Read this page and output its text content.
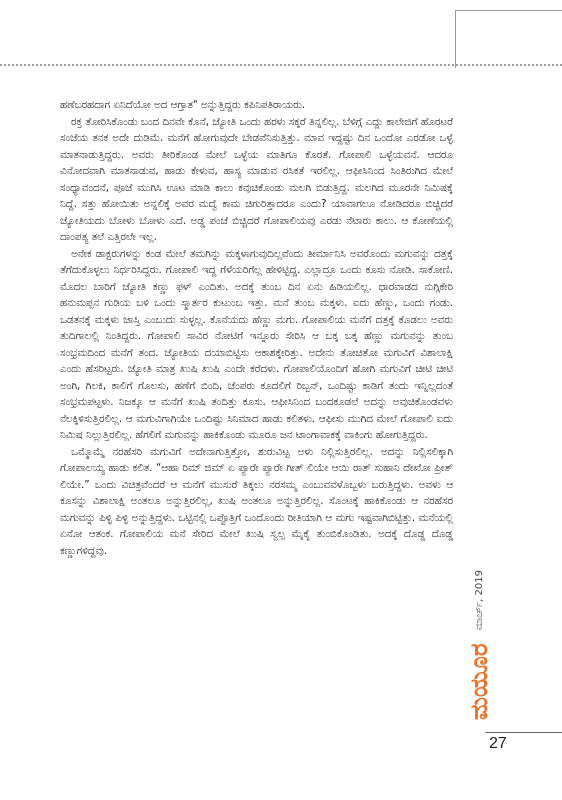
ಹಣೆಬರಹದಾಗ ಏನಿದೆಯೋ ಅದ ಆಗ್ತಾತ" ಅನ್ನುತ್ತಿದ್ದರು ಕಪಿನಿಪತಿರಾಯರು.

ರಕ್ತ ತೋರಿಸಿಕೊಂಡು ಬಂದ ದಿನವೇ ಕೊನೆ, ಜ್ಯೋತಿ ಒಂದು ಹರಳು ಸಕ್ಕರೆ ತಿನ್ನಲಿಲ್ಲ. ಬೆಳಿಗ್ಗೆ ಎದ್ದು ಕಾಲೇಜಿಗೆ ಹೊರಟರೆ ಸಂಜೆಯ ತನಕ ಅದೇ ದುಡಿಮೆ. ಮನೆಗೆ ಹೋಗುವುದೇ ಬೇಡವೆನಿಸುತ್ತಿತ್ತು. ಮಾವ ಇದ್ದಷ್ಟು ದಿನ ಒಂದೋ ಎರಡೋ ಒಳ್ಳೆ ಮಾತನಾಡುತ್ತಿದ್ದರು. ಅವರು ತೀರಿಕೊಂಡ ಮೇಲೆ ಒಳ್ಳೆಯ ಮಾತಿಗೂ ಕೊರತೆ. ಗೋಪಾಲಿ ಒಳ್ಳೆಯವನೆ. ಆದರೂ ವಿನೋದವಾಗಿ ಮಾತನಾಡುವ, ಹಾಡು ಕೇಳುವ, ಹಾಸ್ಯ ಮಾಡುವ ರಸಿಕತೆ ಇರಲಿಲ್ಲ. ಆಫೀಸಿನಿಂದ ಸಿಂತಿರುಗಿದ ಮೇಲೆ ಸಂಧ್ಯಾವಂದನೆ, ಪೂಜೆ ಮುಗಿಸಿ ಊಟ ಮಾಡಿ ಕಾಲು ಕವುಚಿಕೊಂಡು ಮಲಗಿ ಬಿಡುತ್ತಿದ್ದ. ಮಲಗಿದ ಮೂರನೇ ನಿಮಿಷಕ್ಕೆ ನಿದ್ದೆ. ಸತ್ತು ಹೋಯಿತು ಅನ್ನಲಿಕ್ಕೆ ಅವರ ಮದ್ವೆ ಕಾಮ ಚಿಗುರಿತ್ತಾದರೂ ಎಂದು? ಯಾವಾಗಲೂ ನೋಡಿದರೂ ಬಿಚ್ಚಿದರೆ ಜ್ಯೋತಿಯದು ಬೋಳು ಬೋಳು ಎದೆ. ಅಡ್ಡ ಪಂಚೆ ಬಿಚ್ಚಿದರೆ ಗೋಪಾಲಿಯವು ಎರಡು ನೆಟಾರು ಕಾಲು. ಆ ಕೋಣೆಯಲ್ಲಿ ದಾಂಪತ್ಯ ತಲೆ ಎತ್ತಿರಲೇ ಇಲ್ಲ.

ಅನೇಕ ಡಾಕ್ಟರುಗಳನ್ನು ಕಂಡ ಮೇಲೆ ತಮಗಿನ್ನು ಮಕ್ಕಳಾಗುವುದಿಲ್ಲವೆಂದು ತೀರ್ಮಾನಿಸಿ ಅವರೊಂದು ಮಗುವನ್ನು ದತ್ತಕ್ಕೆ ತೆಗೆದುಕೊಳ್ಳಲು ನಿರ್ಧರಿಸಿದ್ದರು. ಗೋಪಾಲಿ ಇದ್ದ ಗೆಳೆಯರಿಗೆಲ್ಲ ಹೇಳಿಟ್ಟಿದ್ದ. ಎಲ್ಲಾದ್ರೂ ಒಂದು ಕೂಸು ನೋಡಿ. ಸಾಕೋಣಿ. ಮೊದಲ ಬಾರಿಗೆ ಜ್ಯೋತಿ ಕಣ್ಣು ಫಳ್ ಎಂದಿತು. ಅದಕ್ಕೆ ತುಂಬ ದಿನ ಏನು ಹಿಡಿಯಲಿಲ್ಲ. ಧಾರವಾಡದ ನುಗ್ಗಿಕೇರಿ ಹನುಮಪ್ಪನ ಗುಡಿಯ ಬಳಿ ಒಂದು ಸ್ಮಾರ್ತರ ಕುಟುಂಬ ಇತ್ತು. ಮನೆ ತುಂಬ ಮಕ್ಕಳು. ಐದು ಹೆಣ್ಣು, ಒಂದು ಗಂಡು. ಒಡತನಕ್ಕೆ ಮಕ್ಕಳು ಜಾಸ್ತಿ ಎಂಬುದು ಸುಳ್ಳಲ್ಲ. ಕೊನೆಯದು ಹೆಣ್ಣು ಮಗು. ಗೋಪಾಲಿಯ ಮನೆಗೆ ದತ್ತಕ್ಕೆ ಕೊಡಲು ಅವರು ತುದಿಗಾಲಲ್ಲಿ ನಿಂತಿದ್ದರು. ಗೋಪಾಲಿ ಸಾವಿರ ನೋಟಿಗೆ ಇನ್ನೂರು ಸೇರಿಸಿ ಆ ಬಕ್ಕ ಬಕ್ಕ ಹೆಣ್ಣು ಮಗುವನ್ನು ತುಂಬ ಸಂಭ್ರಮದಿಂದ ಮನೆಗೆ ತಂದ. ಜ್ಯೋತಿಯ ದಯಾಬಿಟ್ಟಿಸು ಆಕಾಶಕ್ಕೇರಿತ್ತು. ಅದೇನು ತೋಚಿತೋ ಮಗುವಿಗೆ ವಿಶಾಲಾಕ್ಷಿ ಎಂದು ಹೆಸರಿಟ್ಟರು. ಜ್ಯೋತಿ ಮಾತ್ರ ಖುಷಿ ಖುಷಿ ಎಂದೇ ಕರೆದಳು. ಗೋಪಾಲಿಯೊಂದಿಗೆ ಹೋಗಿ ಮಗುವಿಗೆ ಚೀಟಿ ಚೀಟಿ ಅಂಗಿ, ಗಿಲಕಿ, ಕಾಲಿಗೆ ಗೊಲಸು, ಹಣೆಗೆ ಬಿಂದಿ, ಚೆಂಪರು ಕೂದಲಿಗೆ ರಿಬ್ಬನ್, ಒಂದಿಷ್ಟು ಕಾಡಿಗೆ ತಂದು ಇನ್ನಿಲ್ಲದಂತೆ ಸಂಭ್ರಮಪಟ್ಟಳು. ನಿಜಕ್ಕೂ ಆ ಮನೆಗೆ ಖುಷಿ ತಂದಿತ್ತು ಕೂಸು. ಆಫೀಸಿನಿಂದ ಬಂದಕೂಡಲೆ ಅದನ್ನು ಅವುಚಿಕೊಂಡವಳು ನೆಲಕ್ಕಿಳಿಸುತ್ತಿರಲಿಲ್ಲ. ಆ ಮಗುವಿಗಾಗಿಯೇ ಒಂದಿಷ್ಟು ಸಿನಿಮಾದ ಹಾಡು ಕಲಿತಳು. ಆಫೀಸು ಮುಗಿದ ಮೇಲೆ ಗೋಪಾಲಿ ಐದು ನಿಮಿಷ ನಿಲ್ಲುತ್ತಿರಲಿಲ್ಲ. ಹೆಗಲಿಗೆ ಮಗುವನ್ನು ಹಾಕಿಕೊಂಡು ಮೂರೂ ಜನ ಟಾಂಗಾವಾಕಕ್ಕೆ ವಾಕಿಂಗು ಹೋಗುತ್ತಿದ್ದರು.

ಒಮ್ಮೊಮ್ಮೆ ನರಹೆಸರಿ ಮಗುವಿಗೆ ಅದೇನಾಗುತ್ತಿತ್ತೋ, ಶುರುವಿಟ್ಟ ಅಳು ನಿಲ್ಲಿಸುತ್ತಿರಲಿಲ್ಲ. ಅದನ್ನು ನಿಲ್ಲಿಸಲಿಕ್ಕಾಗಿ ಗೋಪಾಲಯ್ಯ ಹಾಡು ಕಲಿತ. “ಆಹಾ ರಿಮ್ ಜಿಮ್ ಏ ಪ್ಯಾರೇ ಪ್ಯಾರೇ ಗೀತ್ ಲಿಯೇ ಆಯಿ ರಾತ್ ಸುಹಾನಿ ದೇಖೋ ಪ್ರೀತ್ ಲಿಯೇ.” ಒಂದು ವಿಚಿತ್ರವೆಂದರೆ ಆ ಮನೆಗೆ ಮುಸುರೆ ತಿಕ್ಕಲು ನರಸಮ್ಮ ಎಂಬುವವಳೊಬ್ಬಳು ಬರುತ್ತಿದ್ದಳು. ಅವಳು ಆ ಕೂಸನ್ನು ವಿಶಾಲಾಕ್ಷಿ ಅಂತಲೂ ಅನ್ನುತ್ತಿರಲಿಲ್ಲ, ಖುಷಿ ಅಂತಲೂ ಅನ್ನುತ್ತಿರಲಿಲ್ಲ. ಸೊಂಟಕ್ಕೆ ಹಾಕಿಕೊಂಡು ಆ ನರಹೆಸರ ಮಗುವನ್ನು ಪಿಳ್ಳಿ ಪಿಳ್ಳಿ ಅನ್ನುತ್ತಿದ್ದಳು. ಒಟ್ಟಿನಲ್ಲಿ ಒಪ್ಪೊತ್ತಿಗೆ ಒಂದೊಂದು ರೀತಿಯಾಗಿ ಆ ಮಗು ಇಷ್ಟವಾಗಿಬಿಟ್ಟಿತ್ತು. ಮನೆಯಲ್ಲಿ ಏನೋ ಆತಂಕ. ಗೋಪಾಲಿಯ ಮನೆ ಸೇರಿದ ಮೇಲೆ ಖುಷಿ ಸ್ವಲ್ಪ ಮೈಕೈ ತುಂಬಿಕೊಂಡಿತು. ಅದಕ್ಕೆ ದೊಡ್ಡ ದೊಡ್ಡ ಕಣ್ಣುಗಳಿದ್ದವು.

ಮಾರ್ಚ್, 2019
ಮಯೂರ
27
